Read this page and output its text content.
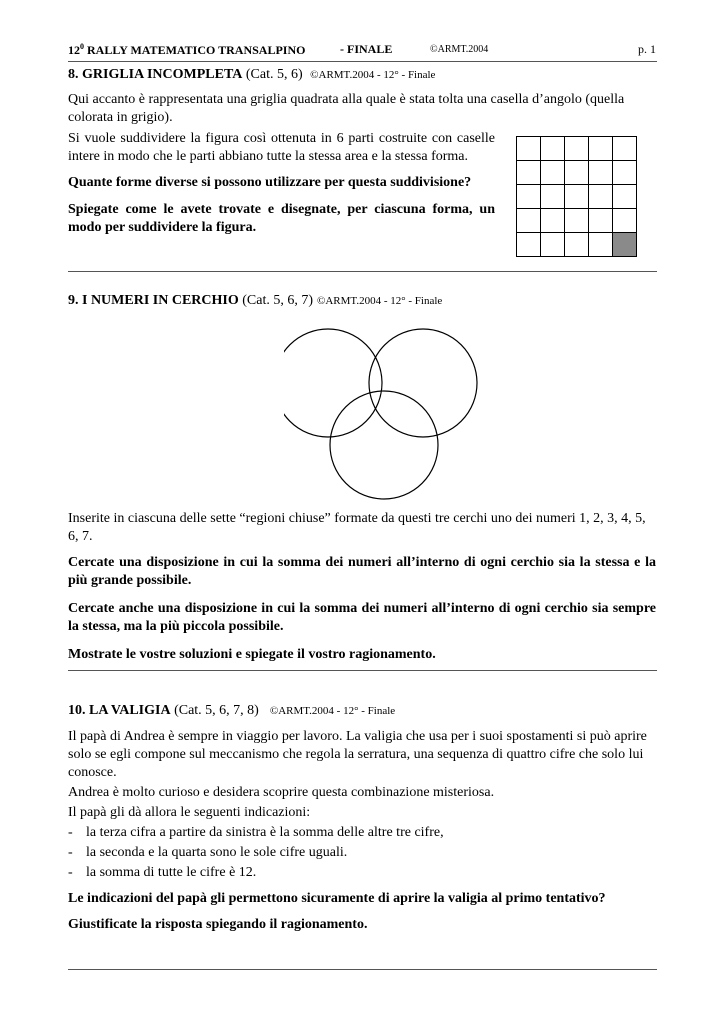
$12^0$ RALLY MATEMATICO TRANSALPINO	- FINALE	©ARMT.2004	p. 1

8. GRIGLIA INCOMPLETA (Cat. 5, 6) ©ARMT.2004 - 12° - Finale

Qui accanto è rappresentata una griglia quadrata alla quale è stata tolta una casella d’angolo (quella colorata in grigio).

Si vuole suddividere la figura così ottenuta in 6 parti costruite con caselle intere in modo che le parti abbiano tutte la stessa area e la stessa forma.

Quante forme diverse si possono utilizzare per questa suddivisione?

Spiegate come le avete trovate e disegnate, per ciascuna forma, un modo per suddividere la figura.

9. I NUMERI IN CERCHIO (Cat. 5, 6, 7) ©ARMT.2004 - 12° - Finale

Inserite in ciascuna delle sette “regioni chiuse” formate da questi tre cerchi uno dei numeri 1, 2, 3, 4, 5, 6, 7.

Cercate una disposizione in cui la somma dei numeri all’interno di ogni cerchio sia la stessa e la più grande possibile.

Cercate anche una disposizione in cui la somma dei numeri all’interno di ogni cerchio sia sempre la stessa, ma la più piccola possibile.

Mostrate le vostre soluzioni e spiegate il vostro ragionamento.

10. LA VALIGIA (Cat. 5, 6, 7, 8) ©ARMT.2004 - 12° - Finale

Il papà di Andrea è sempre in viaggio per lavoro. La valigia che usa per i suoi spostamenti si può aprire solo se egli compone sul meccanismo che regola la serratura, una sequenza di quattro cifre che solo lui conosce.

Andrea è molto curioso e desidera scoprire questa combinazione misteriosa.

Il papà gli dà allora le seguenti indicazioni:

- la terza cifra a partire da sinistra è la somma delle altre tre cifre,

- la seconda e la quarta sono le sole cifre uguali.

- la somma di tutte le cifre è 12.

Le indicazioni del papà gli permettono sicuramente di aprire la valigia al primo tentativo?

Giustificate la risposta spiegando il ragionamento.
